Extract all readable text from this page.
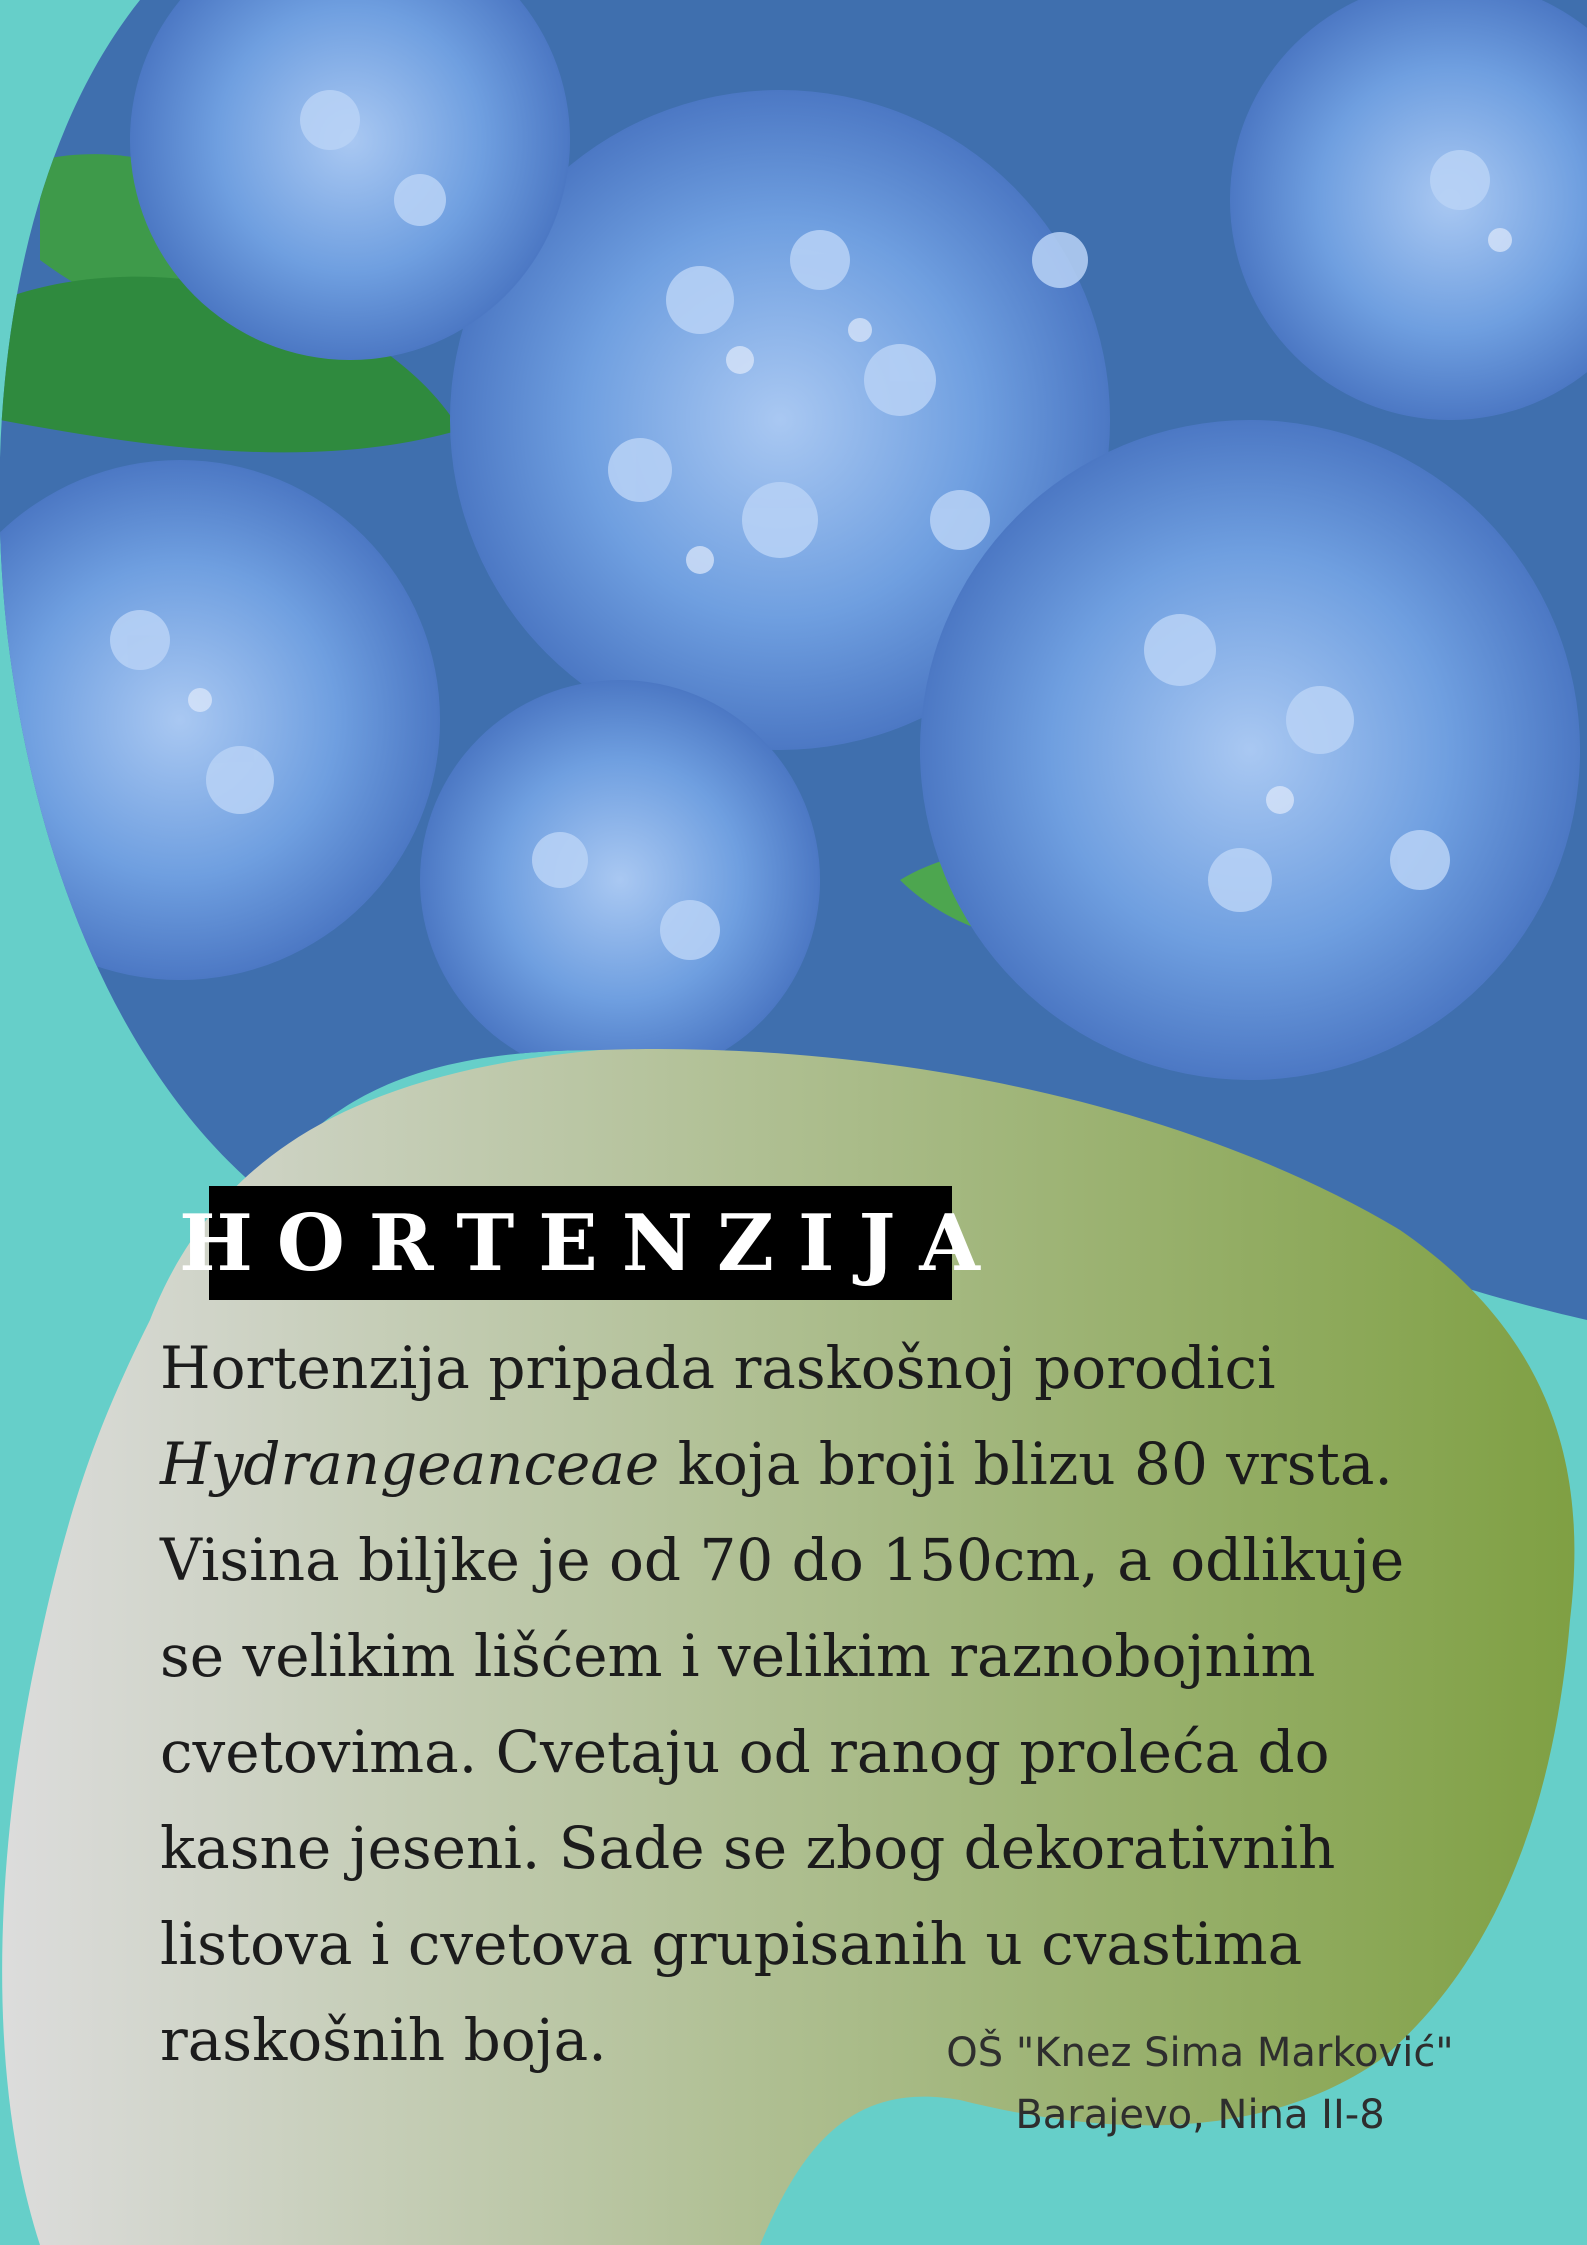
HORTENZIJA

Hortenzija pripada raskošnoj porodici
Hydrangeanceae koja broji blizu 80 vrsta.
Visina biljke je od 70 do 150cm, a odlikuje
se velikim lišćem i velikim raznobojnim
cvetovima. Cvetaju od ranog proleća do
kasne jeseni. Sade se zbog dekorativnih
listova i cvetova grupisanih u cvastima
raskošnih boja.	OŠ "Knez Sima Marković"
Barajevo, Nina II-8
